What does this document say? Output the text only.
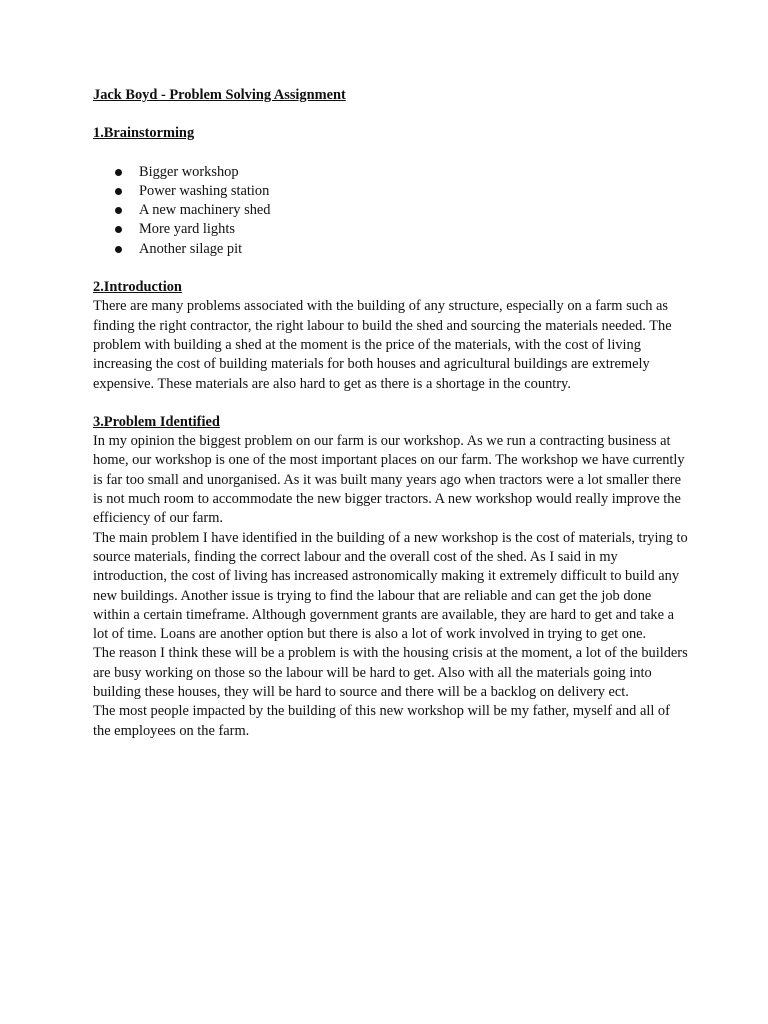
Jack Boyd - Problem Solving Assignment

1.Brainstorming

Bigger workshop
Power washing station
A new machinery shed
More yard lights
Another silage pit

2.Introduction

There are many problems associated with the building of any structure, especially on a farm such as finding the right contractor, the right labour to build the shed and sourcing the materials needed. The problem with building a shed at the moment is the price of the materials, with the cost of living increasing the cost of building materials for both houses and agricultural buildings are extremely expensive. These materials are also hard to get as there is a shortage in the country.

3.Problem Identified

In my opinion the biggest problem on our farm is our workshop. As we run a contracting business at home, our workshop is one of the most important places on our farm. The workshop we have currently is far too small and unorganised. As it was built many years ago when tractors were a lot smaller there is not much room to accommodate the new bigger tractors. A new workshop would really improve the efficiency of our farm.

The main problem I have identified in the building of a new workshop is the cost of materials, trying to source materials, finding the correct labour and the overall cost of the shed. As I said in my introduction, the cost of living has increased astronomically making it extremely difficult to build any new buildings. Another issue is trying to find the labour that are reliable and can get the job done within a certain timeframe. Although government grants are available, they are hard to get and take a lot of time. Loans are another option but there is also a lot of work involved in trying to get one.

The reason I think these will be a problem is with the housing crisis at the moment, a lot of the builders are busy working on those so the labour will be hard to get. Also with all the materials going into building these houses, they will be hard to source and there will be a backlog on delivery ect.

The most people impacted by the building of this new workshop will be my father, myself and all of the employees on the farm.
